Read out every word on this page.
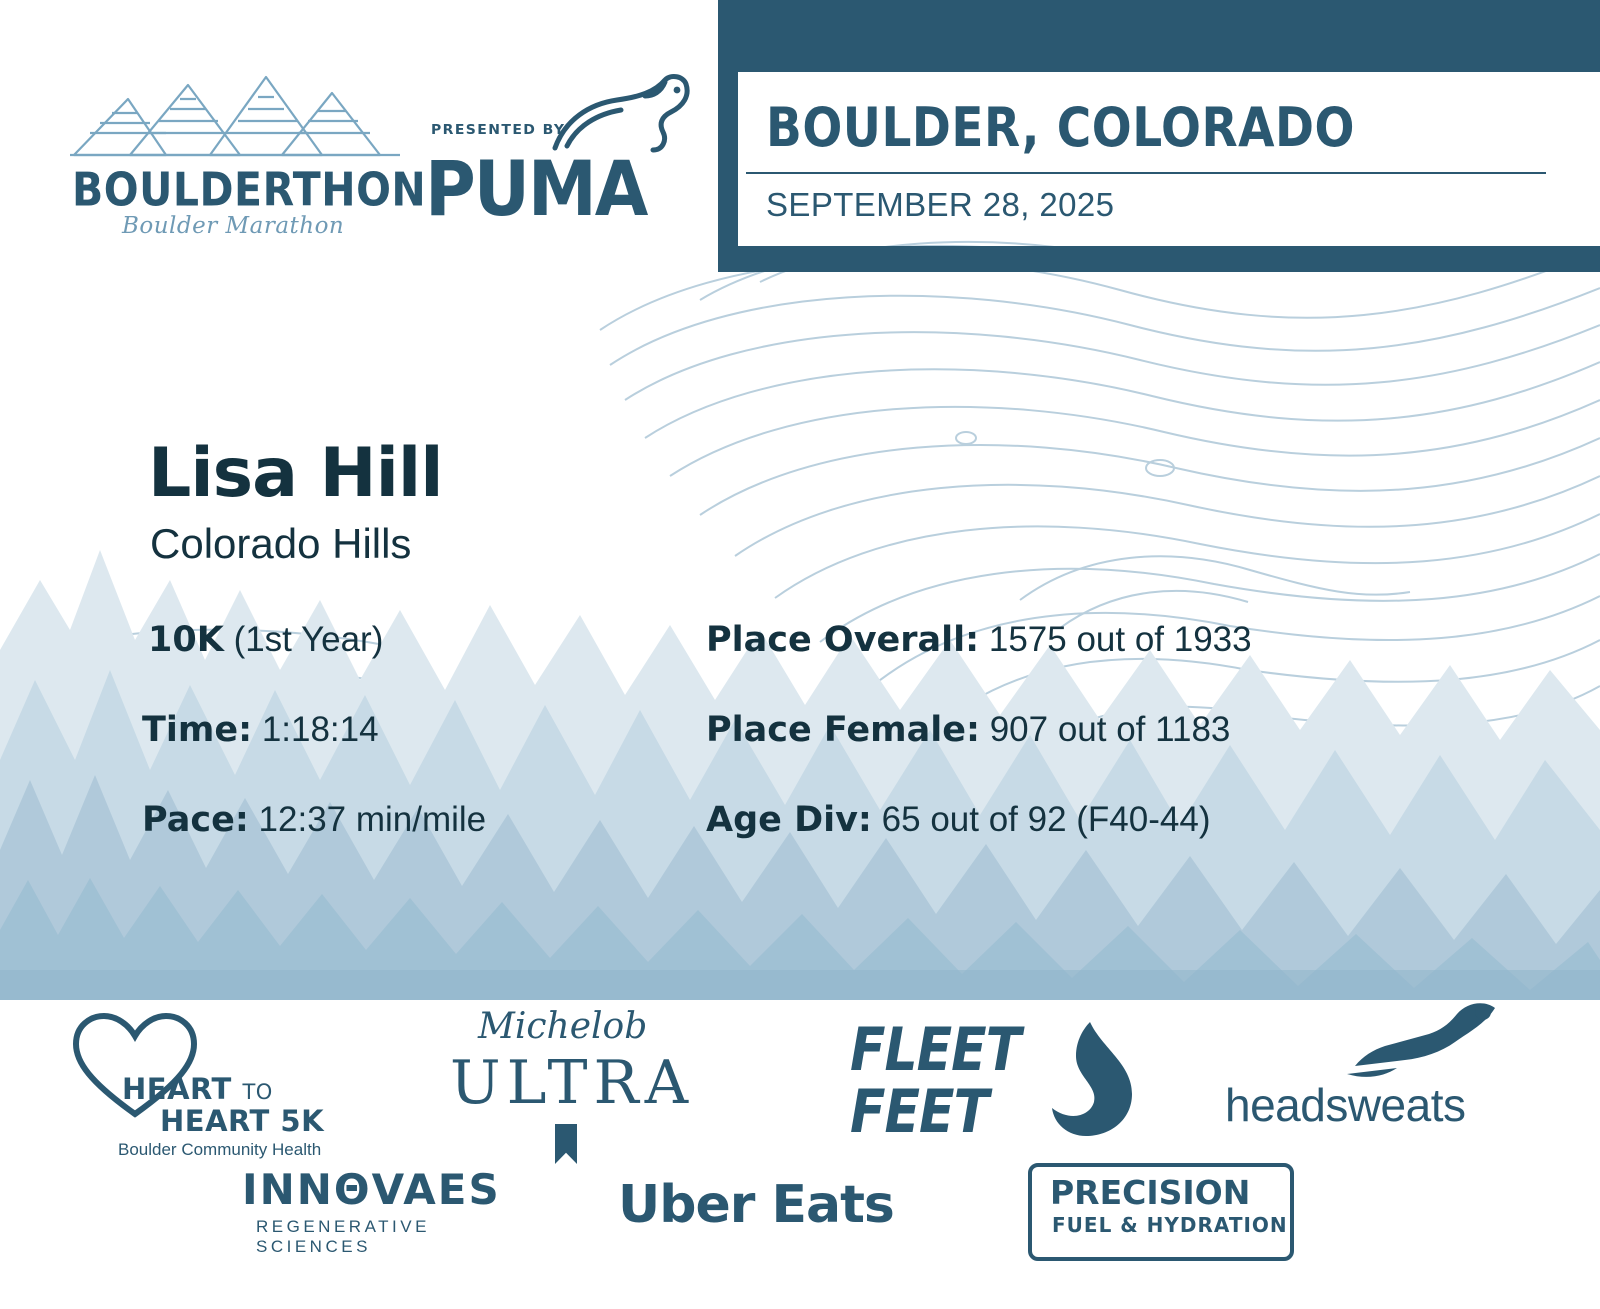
BOULDERTHON
Boulder Marathon
PRESENTED BY
PUMA
BOULDER, COLORADO
SEPTEMBER 28, 2025
Lisa Hill
Colorado Hills
10K (1st Year)
Time: 1:18:14
Pace: 12:37 min/mile
Place Overall: 1575 out of 1933
Place Female: 907 out of 1183
Age Div: 65 out of 92 (F40-44)
HEART TO
HEART 5K
Boulder Community Health
Michelob
ULTRA	FLEET
FEET	headsweats
INNΘVAES
REGENERATIVE SCIENCES
Uber Eats	PRECISION
FUEL & HYDRATION
